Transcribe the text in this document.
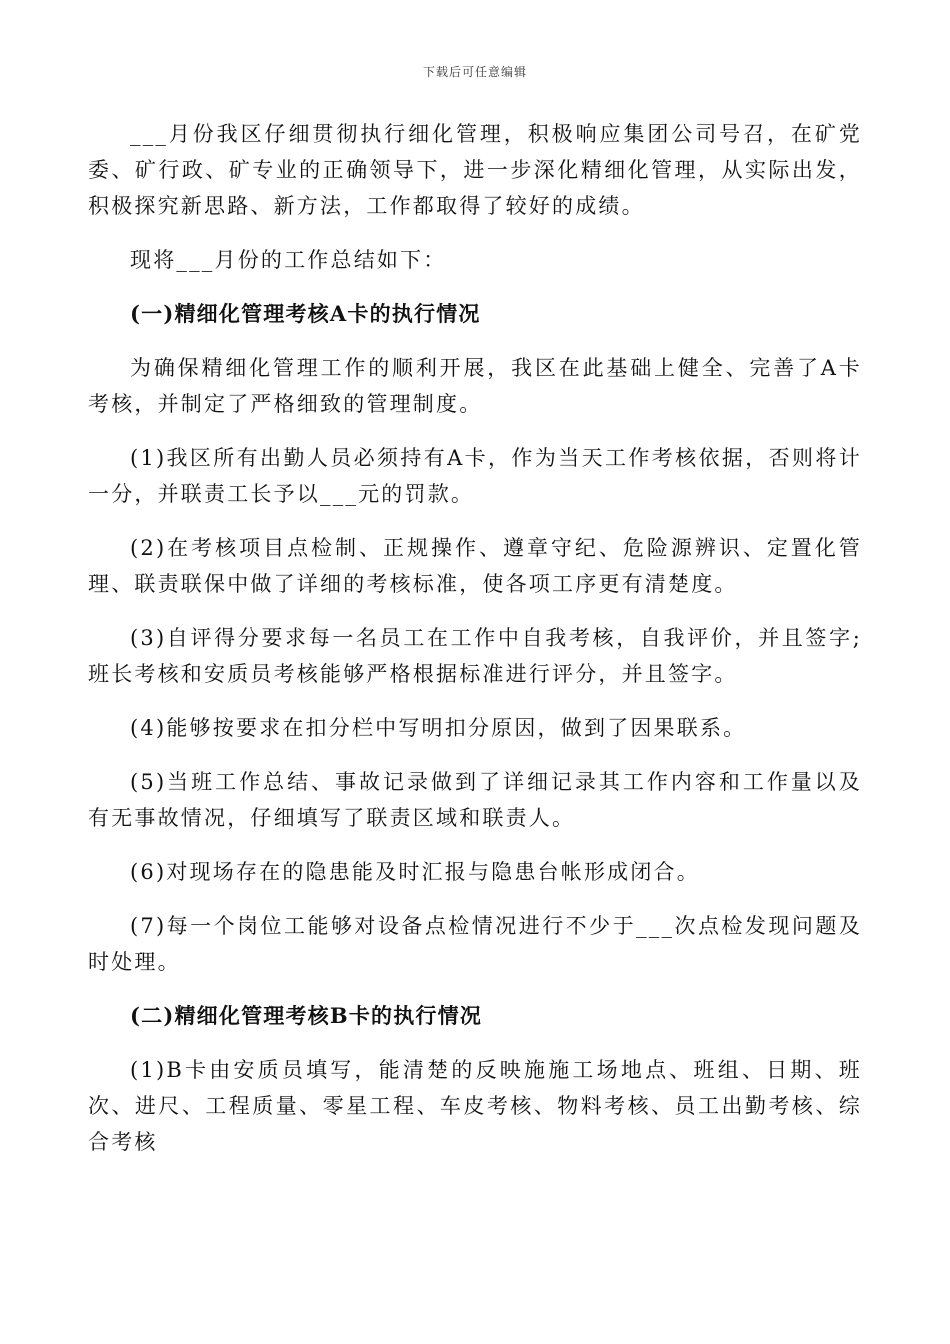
下载后可任意编辑

___月份我区仔细贯彻执行细化管理，积极响应集团公司号召，在矿党委、矿行政、矿专业的正确领导下，进一步深化精细化管理，从实际出发，积极探究新思路、新方法，工作都取得了较好的成绩。

现将___月份的工作总结如下：

(一)精细化管理考核A卡的执行情况

为确保精细化管理工作的顺利开展，我区在此基础上健全、完善了A卡考核，并制定了严格细致的管理制度。

(1)我区所有出勤人员必须持有A卡，作为当天工作考核依据，否则将计一分，并联责工长予以___元的罚款。

(2)在考核项目点检制、正规操作、遵章守纪、危险源辨识、定置化管理、联责联保中做了详细的考核标准，使各项工序更有清楚度。

(3)自评得分要求每一名员工在工作中自我考核，自我评价，并且签字;班长考核和安质员考核能够严格根据标准进行评分，并且签字。

(4)能够按要求在扣分栏中写明扣分原因，做到了因果联系。

(5)当班工作总结、事故记录做到了详细记录其工作内容和工作量以及有无事故情况，仔细填写了联责区域和联责人。

(6)对现场存在的隐患能及时汇报与隐患台帐形成闭合。

(7)每一个岗位工能够对设备点检情况进行不少于___次点检发现问题及时处理。

(二)精细化管理考核B卡的执行情况

(1)B卡由安质员填写，能清楚的反映施施工场地点、班组、日期、班次、进尺、工程质量、零星工程、车皮考核、物料考核、员工出勤考核、综合考核
